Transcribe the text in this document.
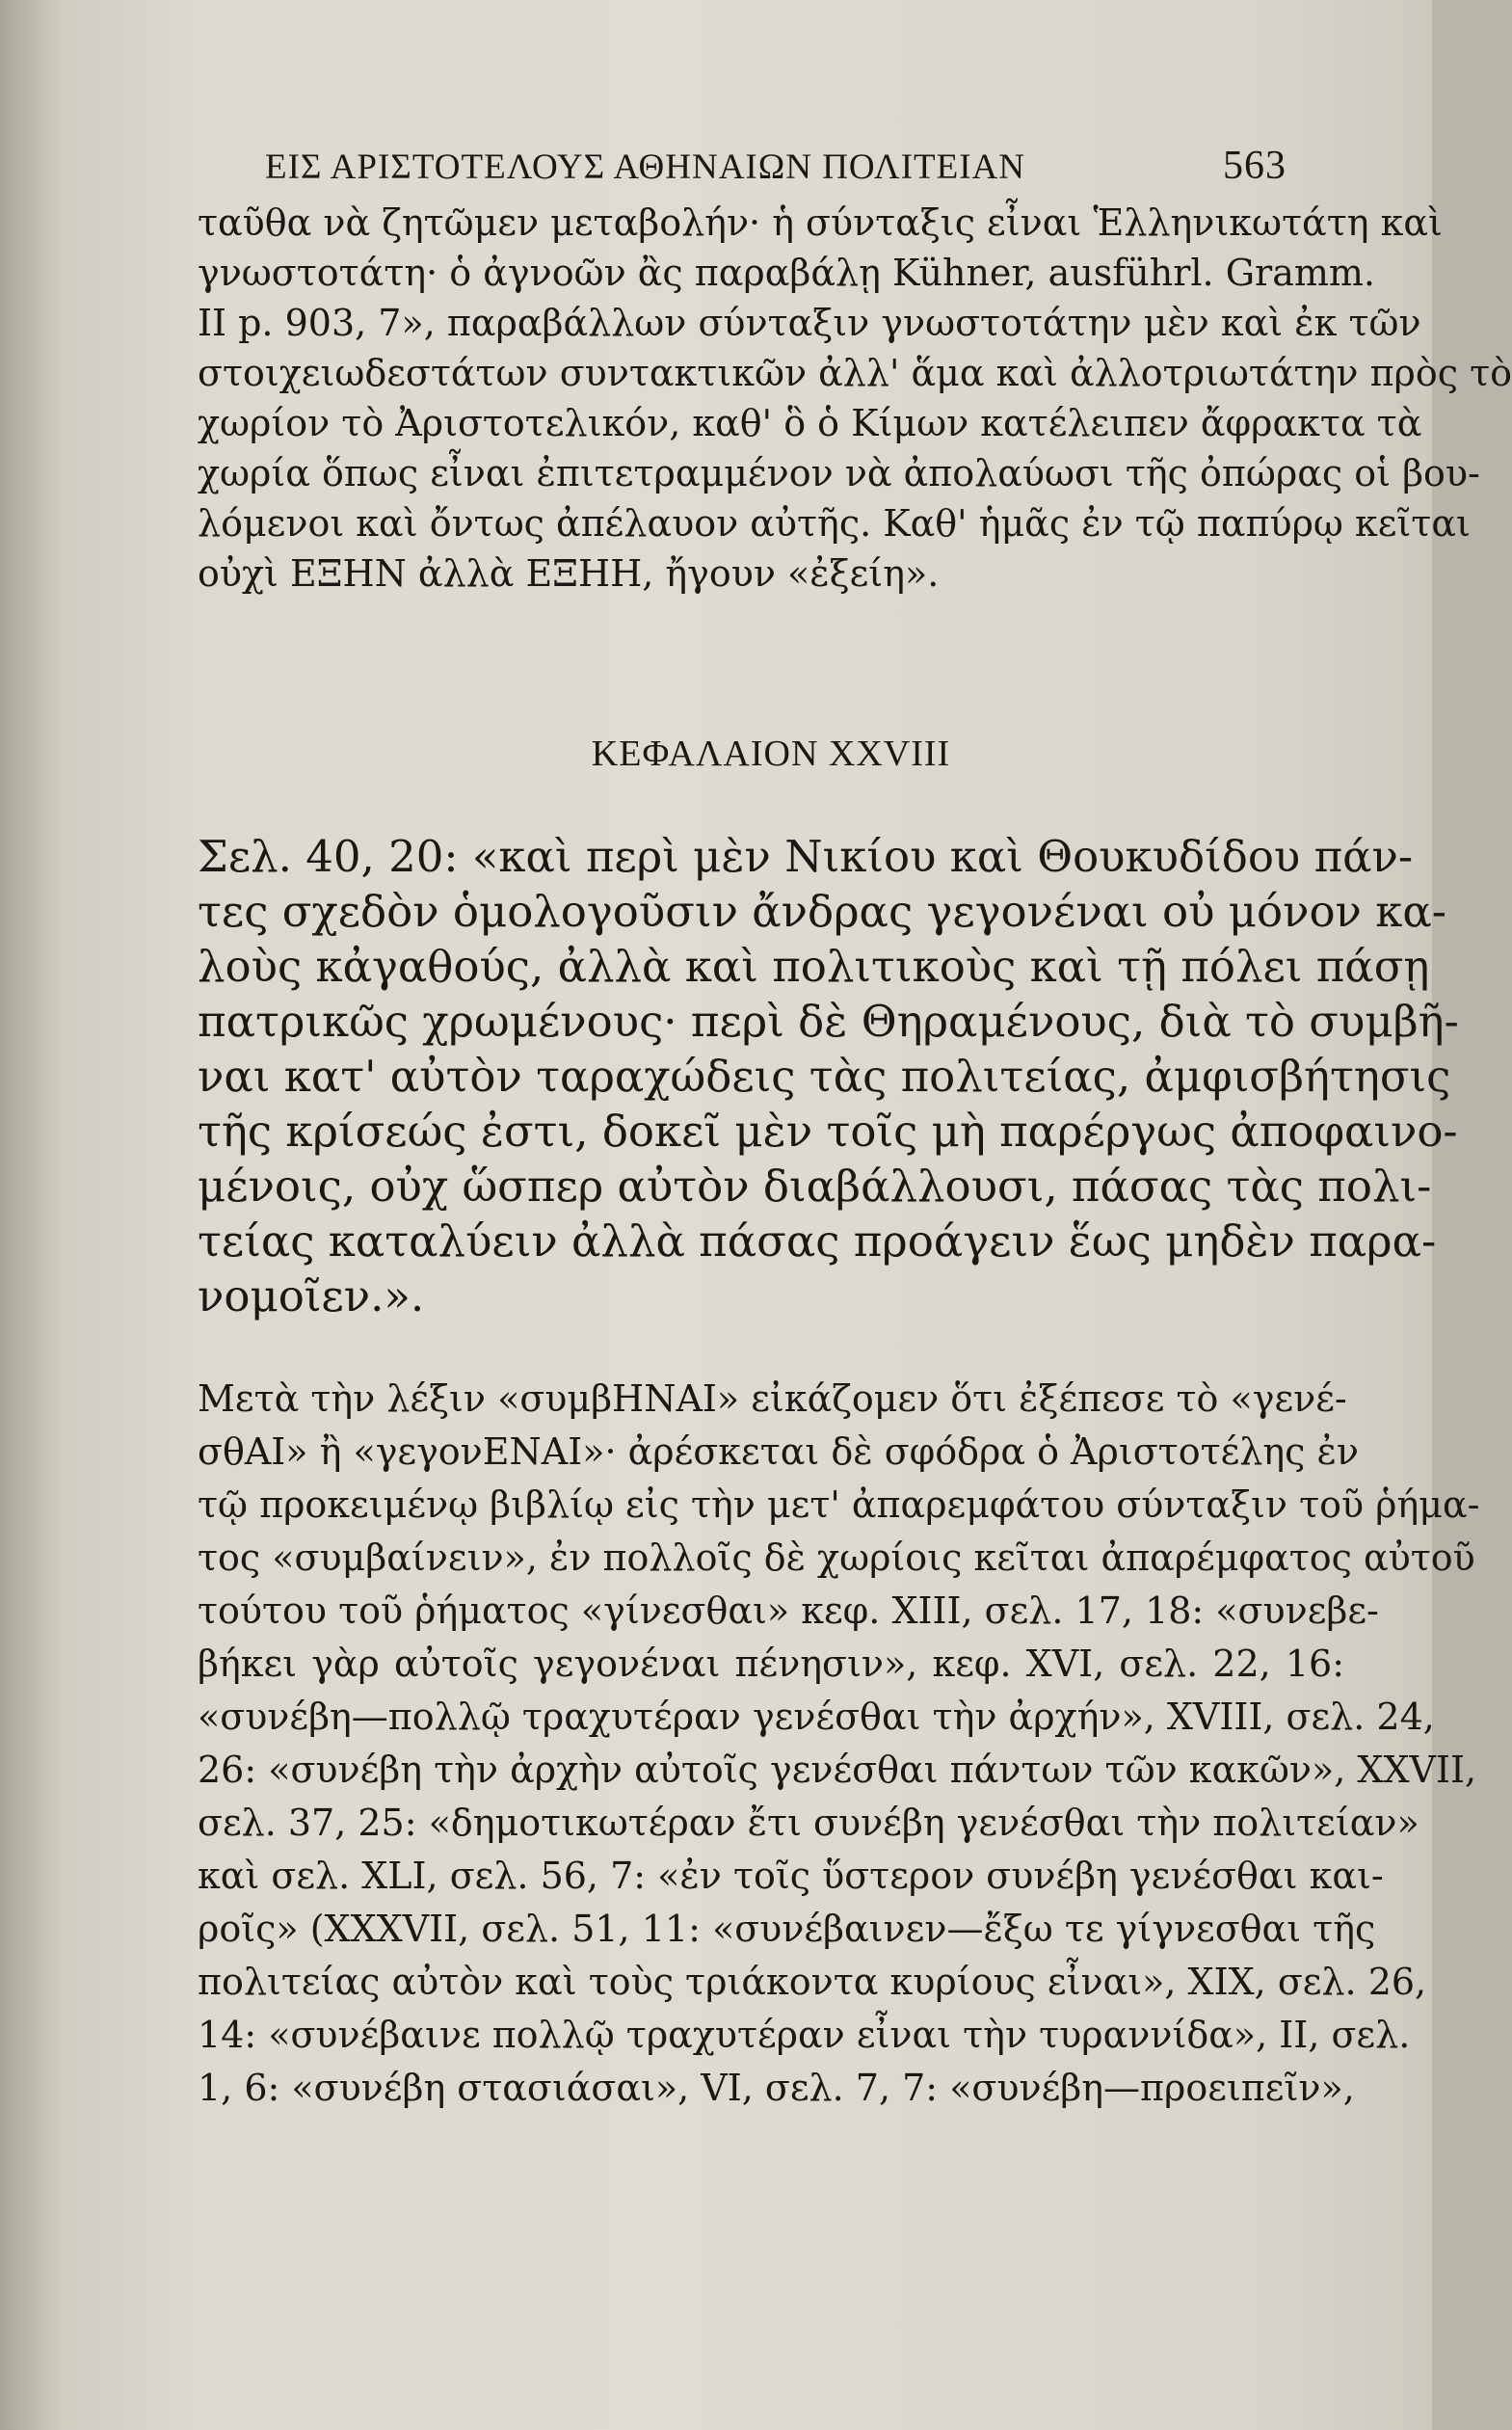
ΕΙΣ ΑΡΙΣΤΟΤΕΛΟΥΣ ΑΘΗΝΑΙΩΝ ΠΟΛΙΤΕΙΑΝ	563
ταῦθα νὰ ζητῶμεν μεταβολήν· ἡ σύνταξις εἶναι Ἑλληνικωτάτη καὶ
γνωστοτάτη· ὁ ἀγνοῶν ἂς παραβάλῃ Kühner, ausführl. Gramm.
II p. 903, 7», παραβάλλων σύνταξιν γνωστοτάτην μὲν καὶ ἐκ τῶν
στοιχειωδεστάτων συντακτικῶν ἀλλ' ἅμα καὶ ἀλλοτριωτάτην πρὸς τὸ
χωρίον τὸ Ἀριστοτελικόν, καθ' ὃ ὁ Κίμων κατέλειπεν ἄφρακτα τὰ
χωρία ὅπως εἶναι ἐπιτετραμμένον νὰ ἀπολαύωσι τῆς ὀπώρας οἱ βου-
λόμενοι καὶ ὄντως ἀπέλαυον αὐτῆς. Καθ' ἡμᾶς ἐν τῷ παπύρῳ κεῖται
οὐχὶ ΕΞΗΝ ἀλλὰ ΕΞΗΗ, ἤγουν «ἐξείη».
ΚΕΦΑΛΑΙΟΝ XXVIII
Σελ. 40, 20: «καὶ περὶ μὲν Νικίου καὶ Θουκυδίδου πάν-
τες σχεδὸν ὁμολογοῦσιν ἄνδρας γεγονέναι οὐ μόνον κα-
λοὺς κἀγαθούς, ἀλλὰ καὶ πολιτικοὺς καὶ τῇ πόλει πάσῃ
πατρικῶς χρωμένους· περὶ δὲ Θηραμένους, διὰ τὸ συμβῆ-
ναι κατ' αὐτὸν ταραχώδεις τὰς πολιτείας, ἀμφισβήτησις
τῆς κρίσεώς ἐστι, δοκεῖ μὲν τοῖς μὴ παρέργως ἀποφαινο-
μένοις, οὐχ ὥσπερ αὐτὸν διαβάλλουσι, πάσας τὰς πολι-
τείας καταλύειν ἀλλὰ πάσας προάγειν ἕως μηδὲν παρα-
νομοῖεν.».
Μετὰ τὴν λέξιν «συμβΗΝΑΙ» εἰκάζομεν ὅτι ἐξέπεσε τὸ «γενέ-
σθΑΙ» ἢ «γεγονΕΝΑΙ»· ἀρέσκεται δὲ σφόδρα ὁ Ἀριστοτέλης ἐν
τῷ προκειμένῳ βιβλίῳ εἰς τὴν μετ' ἀπαρεμφάτου σύνταξιν τοῦ ῥήμα-
τος «συμβαίνειν», ἐν πολλοῖς δὲ χωρίοις κεῖται ἀπαρέμφατος αὐτοῦ
τούτου τοῦ ῥήματος «γίνεσθαι» κεφ. XIII, σελ. 17, 18: «συνεβε-
βήκει γὰρ αὐτοῖς γεγονέναι πένησιν», κεφ. XVI, σελ. 22, 16:
«συνέβη—πολλῷ τραχυτέραν γενέσθαι τὴν ἀρχήν», XVIII, σελ. 24,
26: «συνέβη τὴν ἀρχὴν αὐτοῖς γενέσθαι πάντων τῶν κακῶν», XXVII,
σελ. 37, 25: «δημοτικωτέραν ἔτι συνέβη γενέσθαι τὴν πολιτείαν»
καὶ σελ. XLI, σελ. 56, 7: «ἐν τοῖς ὕστερον συνέβη γενέσθαι και-
ροῖς» (XXXVII, σελ. 51, 11: «συνέβαινεν—ἔξω τε γίγνεσθαι τῆς
πολιτείας αὐτὸν καὶ τοὺς τριάκοντα κυρίους εἶναι», XIX, σελ. 26,
14: «συνέβαινε πολλῷ τραχυτέραν εἶναι τὴν τυραννίδα», II, σελ.
1, 6: «συνέβη στασιάσαι», VI, σελ. 7, 7: «συνέβη—προειπεῖν»,
